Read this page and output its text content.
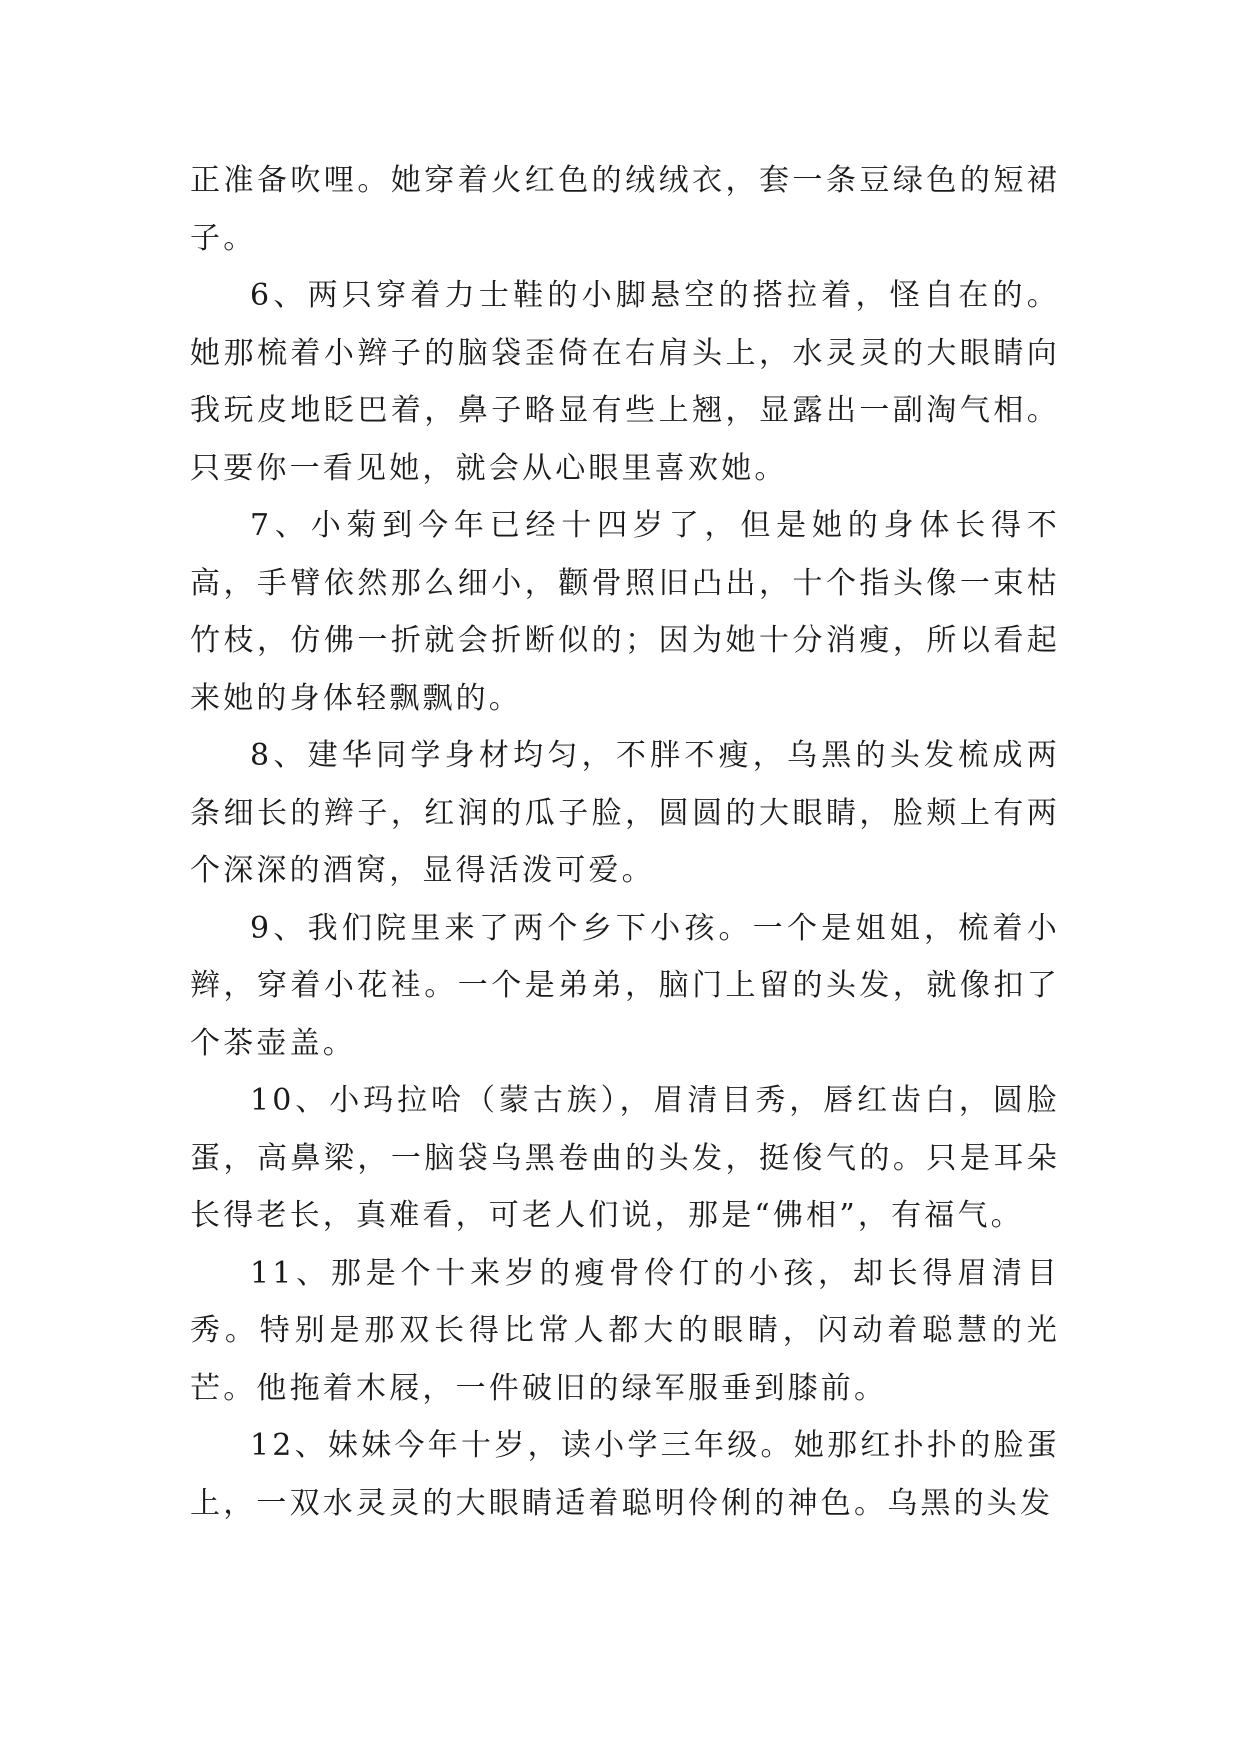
正准备吹哩。她穿着火红色的绒绒衣，套一条豆绿色的短裙子。

6、两只穿着力士鞋的小脚悬空的搭拉着，怪自在的。她那梳着小辫子的脑袋歪倚在右肩头上，水灵灵的大眼睛向我玩皮地眨巴着，鼻子略显有些上翘，显露出一副淘气相。只要你一看见她，就会从心眼里喜欢她。

7、小菊到今年已经十四岁了，但是她的身体长得不高，手臂依然那么细小，颧骨照旧凸出，十个指头像一束枯竹枝，仿佛一折就会折断似的；因为她十分消瘦，所以看起来她的身体轻飘飘的。

8、建华同学身材均匀，不胖不瘦，乌黑的头发梳成两条细长的辫子，红润的瓜子脸，圆圆的大眼睛，脸颊上有两个深深的酒窝，显得活泼可爱。

9、我们院里来了两个乡下小孩。一个是姐姐，梳着小辫，穿着小花袿。一个是弟弟，脑门上留的头发，就像扣了个茶壶盖。

10、小玛拉哈（蒙古族），眉清目秀，唇红齿白，圆脸蛋，高鼻梁，一脑袋乌黑卷曲的头发，挺俊气的。只是耳朵长得老长，真难看，可老人们说，那是“佛相”，有福气。

11、那是个十来岁的瘦骨伶仃的小孩，却长得眉清目秀。特别是那双长得比常人都大的眼睛，闪动着聪慧的光芒。他拖着木屐，一件破旧的绿军服垂到膝前。

12、妹妹今年十岁，读小学三年级。她那红扑扑的脸蛋上，一双水灵灵的大眼睛适着聪明伶俐的神色。乌黑的头发
